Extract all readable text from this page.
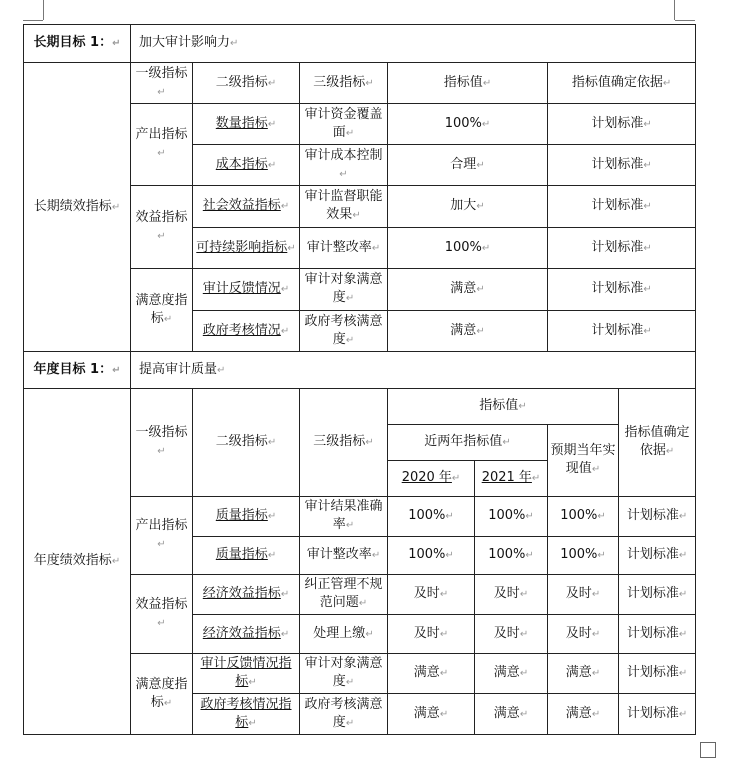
长期目标 1：↵	加大审计影响力↵						
长期绩效指标↵	一级指标↵	二级指标↵	三级指标↵	指标值↵		指标值确定依据↵	
	产出指标↵	数量指标↵	审计资金覆盖面↵	100%↵		计划标准↵	
		成本指标↵	审计成本控制↵	合理↵		计划标准↵	
	效益指标↵	社会效益指标↵	审计监督职能效果↵	加大↵		计划标准↵	
		可持续影响指标↵	审计整改率↵	100%↵		计划标准↵	
	满意度指标↵	审计反馈情况↵	审计对象满意度↵	满意↵		计划标准↵	
		政府考核情况↵	政府考核满意度↵	满意↵		计划标准↵	
年度目标 1：↵	提高审计质量↵						
年度绩效指标↵	一级指标↵	二级指标↵	三级指标↵	指标值↵			指标值确定依据↵
				近两年指标值↵		预期当年实现值↵	
				2020 年↵	2021 年↵		
	产出指标↵	质量指标↵	审计结果准确率↵	100%↵	100%↵	100%↵	计划标准↵
		质量指标↵	审计整改率↵	100%↵	100%↵	100%↵	计划标准↵
	效益指标↵	经济效益指标↵	纠正管理不规范问题↵	及时↵	及时↵	及时↵	计划标准↵
		经济效益指标↵	处理上缴↵	及时↵	及时↵	及时↵	计划标准↵
	满意度指标↵	审计反馈情况指标↵	审计对象满意度↵	满意↵	满意↵	满意↵	计划标准↵
		政府考核情况指标↵	政府考核满意度↵	满意↵	满意↵	满意↵	计划标准↵
